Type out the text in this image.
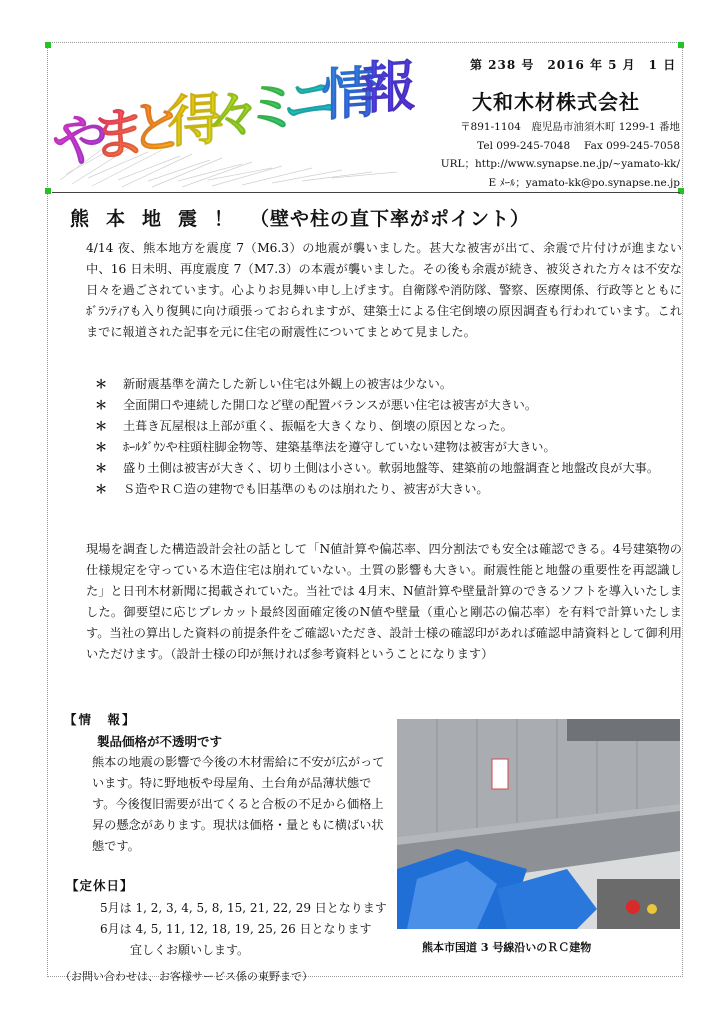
や
ま
と
得
々
ミ
ニ
情
報	第 238 号　2016 年 5 月　1 日
大和木材株式会社
〒891-1104　鹿児島市油須木町 1299-1 番地
Tel 099-245-7048　 Fax 099-245-7058
URL；http://www.synapse.ne.jp/~yamato-kk/
E ﾒｰﾙ；yamato-kk@po.synapse.ne.jp
熊本地震！（壁や柱の直下率がポイント）
4/14 夜、熊本地方を震度 7（M6.3）の地震が襲いました。甚大な被害が出て、余震で片付けが進まない中、16 日未明、再度震度 7（M7.3）の本震が襲いました。その後も余震が続き、被災された方々は不安な日々を過ごされています。心よりお見舞い申し上げます。自衛隊や消防隊、警察、医療関係、行政等とともにﾎﾞﾗﾝﾃｨｱも入り復興に向け頑張っておられますが、建築士による住宅倒壊の原因調査も行われています。これまでに報道された記事を元に住宅の耐震性についてまとめて見ました。
＊	新耐震基準を満たした新しい住宅は外観上の被害は少ない。
＊	全面開口や連続した開口など壁の配置バランスが悪い住宅は被害が大きい。
＊	土葺き瓦屋根は上部が重く、振幅を大きくなり、倒壊の原因となった。
＊	ﾎｰﾙﾀﾞｳﾝや柱頭柱脚金物等、建築基準法を遵守していない建物は被害が大きい。
＊	盛り土側は被害が大きく、切り土側は小さい。軟弱地盤等、建築前の地盤調査と地盤改良が大事。
＊	Ｓ造やＲＣ造の建物でも旧基準のものは崩れたり、被害が大きい。
現場を調査した構造設計会社の話として「N値計算や偏芯率、四分割法でも安全は確認できる。4号建築物の仕様規定を守っている木造住宅は崩れていない。土質の影響も大きい。耐震性能と地盤の重要性を再認識した」と日刊木材新聞に掲載されていた。当社では 4月末、N値計算や壁量計算のできるソフトを導入いたしました。御要望に応じプレカット最終図面確定後のN値や壁量（重心と剛芯の偏芯率）を有料で計算いたします。当社の算出した資料の前提条件をご確認いただき、設計士様の確認印があれば確認申請資料として御利用いただけます。（設計士様の印が無ければ参考資料ということになります）
【情　報】
製品価格が不透明です
熊本の地震の影響で今後の木材需給に不安が広がっています。特に野地板や母屋角、土台角が品薄状態です。今後復旧需要が出てくると合板の不足から価格上昇の懸念があります。現状は価格・量ともに横ばい状態です。
熊本市国道 3 号線沿いのＲＣ建物
【定休日】
5月は 1, 2, 3, 4, 5, 8, 15, 21, 22, 29 日となります
6月は 4, 5, 11, 12, 18, 19, 25, 26 日となります
宜しくお願いします。
（お問い合わせは、お客様サービス係の東野まで）
